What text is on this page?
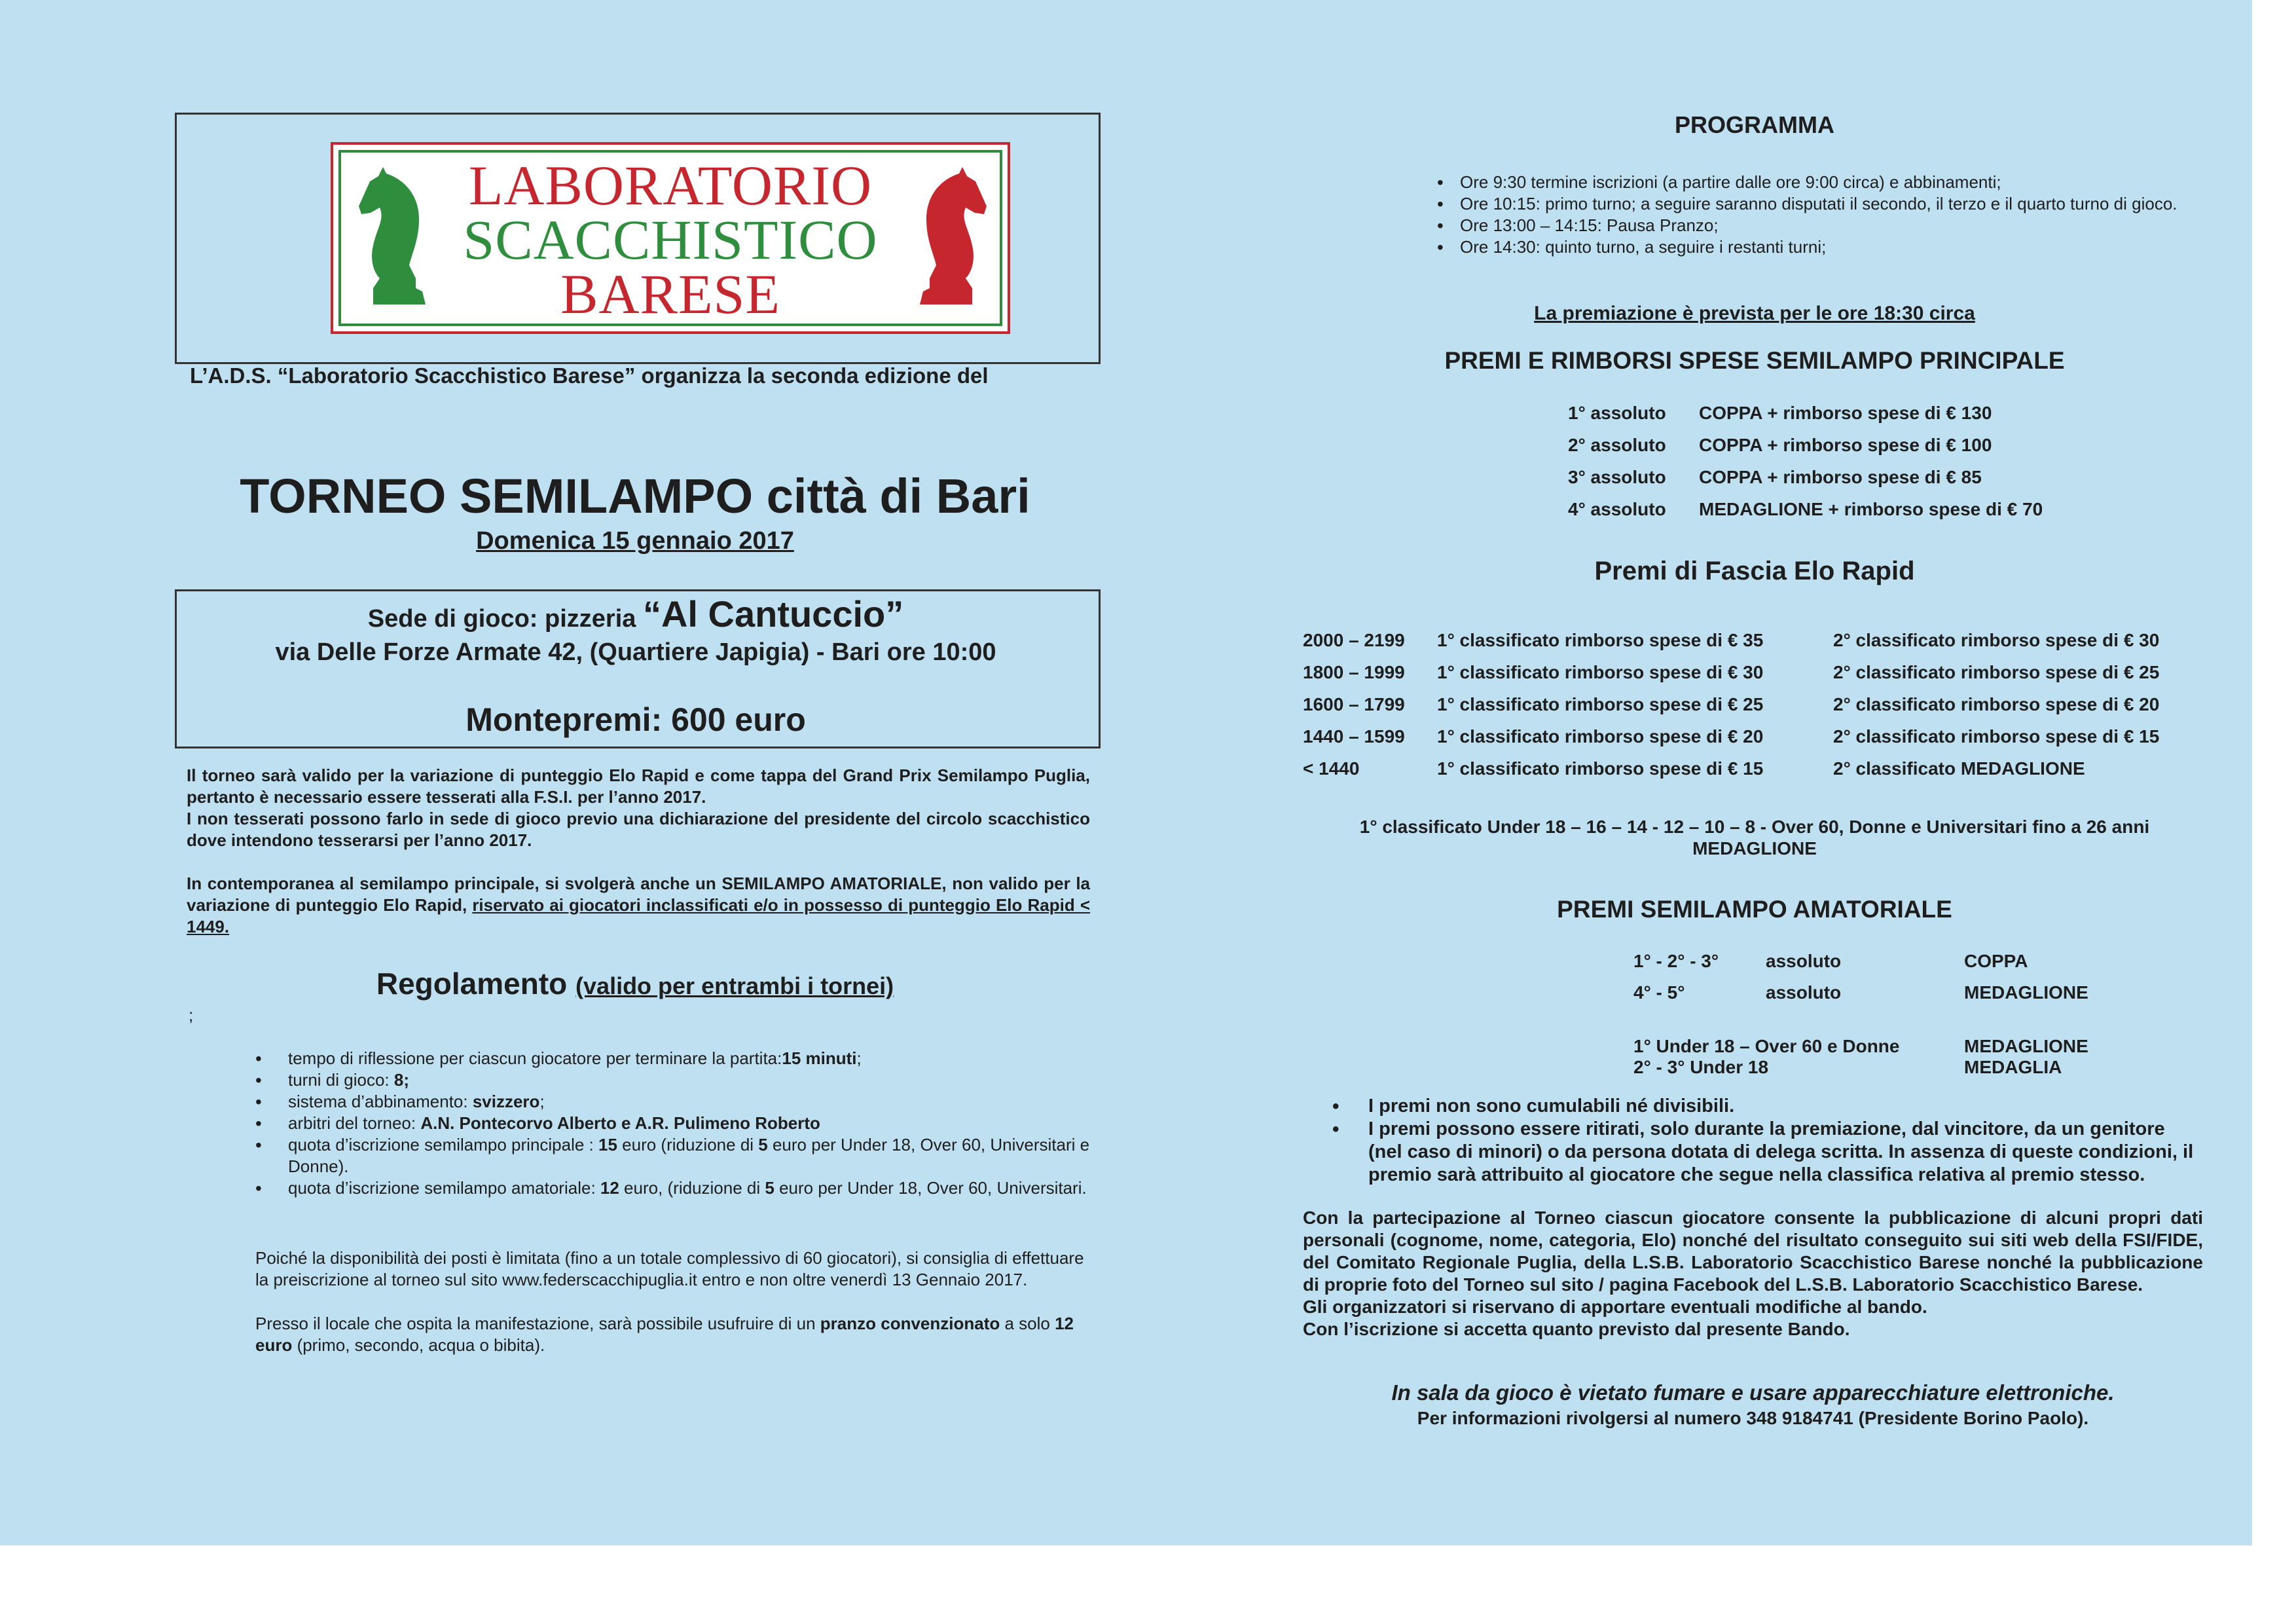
LABORATORIO
SCACCHISTICO
BARESE
L’A.D.S. “Laboratorio Scacchistico Barese” organizza la seconda edizione del
TORNEO SEMILAMPO città di Bari
Domenica 15 gennaio 2017
Sede di gioco: pizzeria “Al Cantuccio”
via Delle Forze Armate 42, (Quartiere Japigia) - Bari ore 10:00
Montepremi: 600 euro
Il torneo sarà valido per la variazione di punteggio Elo Rapid e come tappa del Grand Prix Semilampo Puglia, pertanto è necessario essere tesserati alla F.S.I. per l’anno 2017.
I non tesserati possono farlo in sede di gioco previo una dichiarazione del presidente del circolo scacchistico dove intendono tesserarsi per l’anno 2017.
In contemporanea al semilampo principale, si svolgerà anche un SEMILAMPO AMATORIALE, non valido per la variazione di punteggio Elo Rapid, riservato ai giocatori inclassificati e/o in possesso di punteggio Elo Rapid < 1449.
Regolamento (valido per entrambi i tornei)
;
• tempo di riflessione per ciascun giocatore per terminare la partita:15 minuti;
• turni di gioco: 8;
• sistema d’abbinamento: svizzero;
• arbitri del torneo: A.N. Pontecorvo Alberto e A.R. Pulimeno Roberto
• quota d’iscrizione semilampo principale : 15 euro (riduzione di 5 euro per Under 18, Over 60, Universitari e Donne).
• quota d’iscrizione semilampo amatoriale: 12 euro, (riduzione di 5 euro per Under 18, Over 60, Universitari.
Poiché la disponibilità dei posti è limitata (fino a un totale complessivo di 60 giocatori), si consiglia di effettuare la preiscrizione al torneo sul sito www.federscacchipuglia.it entro e non oltre venerdì 13 Gennaio 2017.
Presso il locale che ospita la manifestazione, sarà possibile usufruire di un pranzo convenzionato a solo 12 euro (primo, secondo, acqua o bibita).
PROGRAMMA
• Ore 9:30 termine iscrizioni (a partire dalle ore 9:00 circa) e abbinamenti;
• Ore 10:15: primo turno; a seguire saranno disputati il secondo, il terzo e il quarto turno di gioco.
• Ore 13:00 – 14:15: Pausa Pranzo;
• Ore 14:30: quinto turno, a seguire i restanti turni;
La premiazione è prevista per le ore 18:30 circa
PREMI E RIMBORSI SPESE SEMILAMPO PRINCIPALE
1° assoluto COPPA + rimborso spese di € 130
2° assoluto COPPA + rimborso spese di € 100
3° assoluto COPPA + rimborso spese di € 85
4° assoluto MEDAGLIONE + rimborso spese di € 70
Premi di Fascia Elo Rapid
2000 – 2199 1° classificato rimborso spese di € 35	2° classificato rimborso spese di € 30
1800 – 1999 1° classificato rimborso spese di € 30	2° classificato rimborso spese di € 25
1600 – 1799 1° classificato rimborso spese di € 25	2° classificato rimborso spese di € 20
1440 – 1599 1° classificato rimborso spese di € 20	2° classificato rimborso spese di € 15
< 1440	1° classificato rimborso spese di € 15	2° classificato MEDAGLIONE
1° classificato Under 18 – 16 – 14 - 12 – 10 – 8 - Over 60, Donne e Universitari fino a 26 anni
MEDAGLIONE
PREMI SEMILAMPO AMATORIALE
1° - 2° - 3°	assoluto	COPPA
4° - 5°	assoluto	MEDAGLIONE
1° Under 18 – Over 60 e Donne	MEDAGLIONE
2° - 3° Under 18	MEDAGLIA
• I premi non sono cumulabili né divisibili.
• I premi possono essere ritirati, solo durante la premiazione, dal vincitore, da un genitore (nel caso di minori) o da persona dotata di delega scritta. In assenza di queste condizioni, il premio sarà attribuito al giocatore che segue nella classifica relativa al premio stesso.
Con la partecipazione al Torneo ciascun giocatore consente la pubblicazione di alcuni propri dati personali (cognome, nome, categoria, Elo) nonché del risultato conseguito sui siti web della FSI/FIDE, del Comitato Regionale Puglia, della L.S.B. Laboratorio Scacchistico Barese nonché la pubblicazione di proprie foto del Torneo sul sito / pagina Facebook del L.S.B. Laboratorio Scacchistico Barese.
Gli organizzatori si riservano di apportare eventuali modifiche al bando.
Con l’iscrizione si accetta quanto previsto dal presente Bando.
In sala da gioco è vietato fumare e usare apparecchiature elettroniche.
Per informazioni rivolgersi al numero 348 9184741 (Presidente Borino Paolo).
